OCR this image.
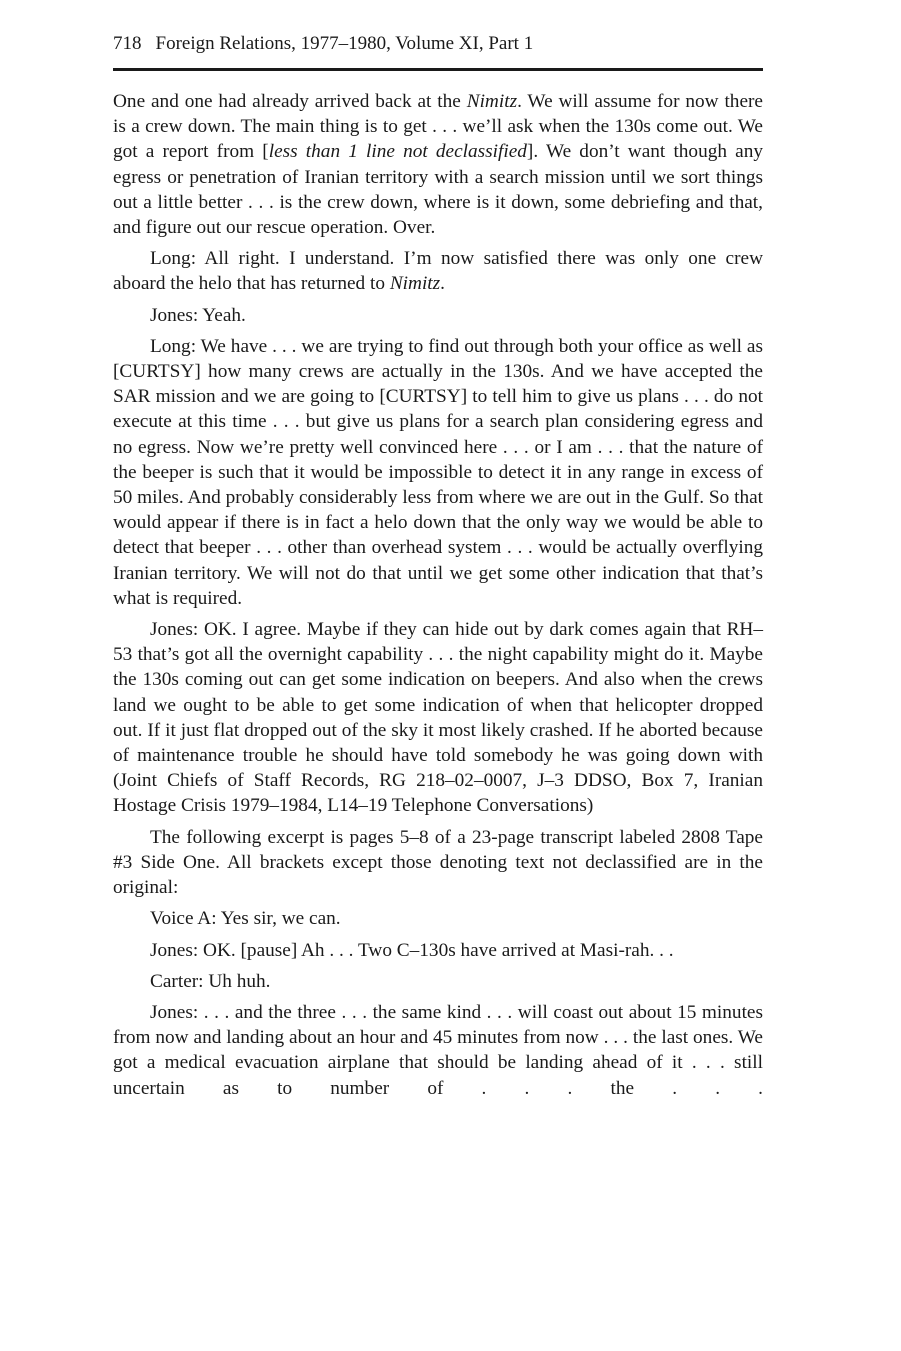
718 Foreign Relations, 1977–1980, Volume XI, Part 1

One and one had already arrived back at the Nimitz. We will assume for now there is a crew down. The main thing is to get . . . we’ll ask when the 130s come out. We got a report from [less than 1 line not declassified]. We don’t want though any egress or penetration of Iranian territory with a search mission until we sort things out a little better . . . is the crew down, where is it down, some debriefing and that, and figure out our rescue operation. Over.

Long: All right. I understand. I’m now satisfied there was only one crew aboard the helo that has returned to Nimitz.

Jones: Yeah.

Long: We have . . . we are trying to find out through both your office as well as [CURTSY] how many crews are actually in the 130s. And we have accepted the SAR mission and we are going to [CURTSY] to tell him to give us plans . . . do not execute at this time . . . but give us plans for a search plan considering egress and no egress. Now we’re pretty well convinced here . . . or I am . . . that the nature of the beeper is such that it would be impossible to detect it in any range in excess of 50 miles. And probably considerably less from where we are out in the Gulf. So that would appear if there is in fact a helo down that the only way we would be able to detect that beeper . . . other than overhead system . . . would be actually overflying Iranian territory. We will not do that until we get some other indication that that’s what is required.

Jones: OK. I agree. Maybe if they can hide out by dark comes again that RH–53 that’s got all the overnight capability . . . the night capability might do it. Maybe the 130s coming out can get some indication on beepers. And also when the crews land we ought to be able to get some indication of when that helicopter dropped out. If it just flat dropped out of the sky it most likely crashed. If he aborted because of maintenance trouble he should have told somebody he was going down with (Joint Chiefs of Staff Records, RG 218–02–0007, J–3 DDSO, Box 7, Iranian Hostage Crisis 1979–1984, L14–19 Telephone Conversations)

The following excerpt is pages 5–8 of a 23-page transcript labeled 2808 Tape #3 Side One. All brackets except those denoting text not declassified are in the original:

Voice A: Yes sir, we can.

Jones: OK. [pause] Ah . . . Two C–130s have arrived at Masi-rah. . .

Carter: Uh huh.

Jones: . . . and the three . . . the same kind . . . will coast out about 15 minutes from now and landing about an hour and 45 minutes from now . . . the last ones. We got a medical evacuation airplane that should be landing ahead of it . . . still uncertain as to number of . . . the . . .
